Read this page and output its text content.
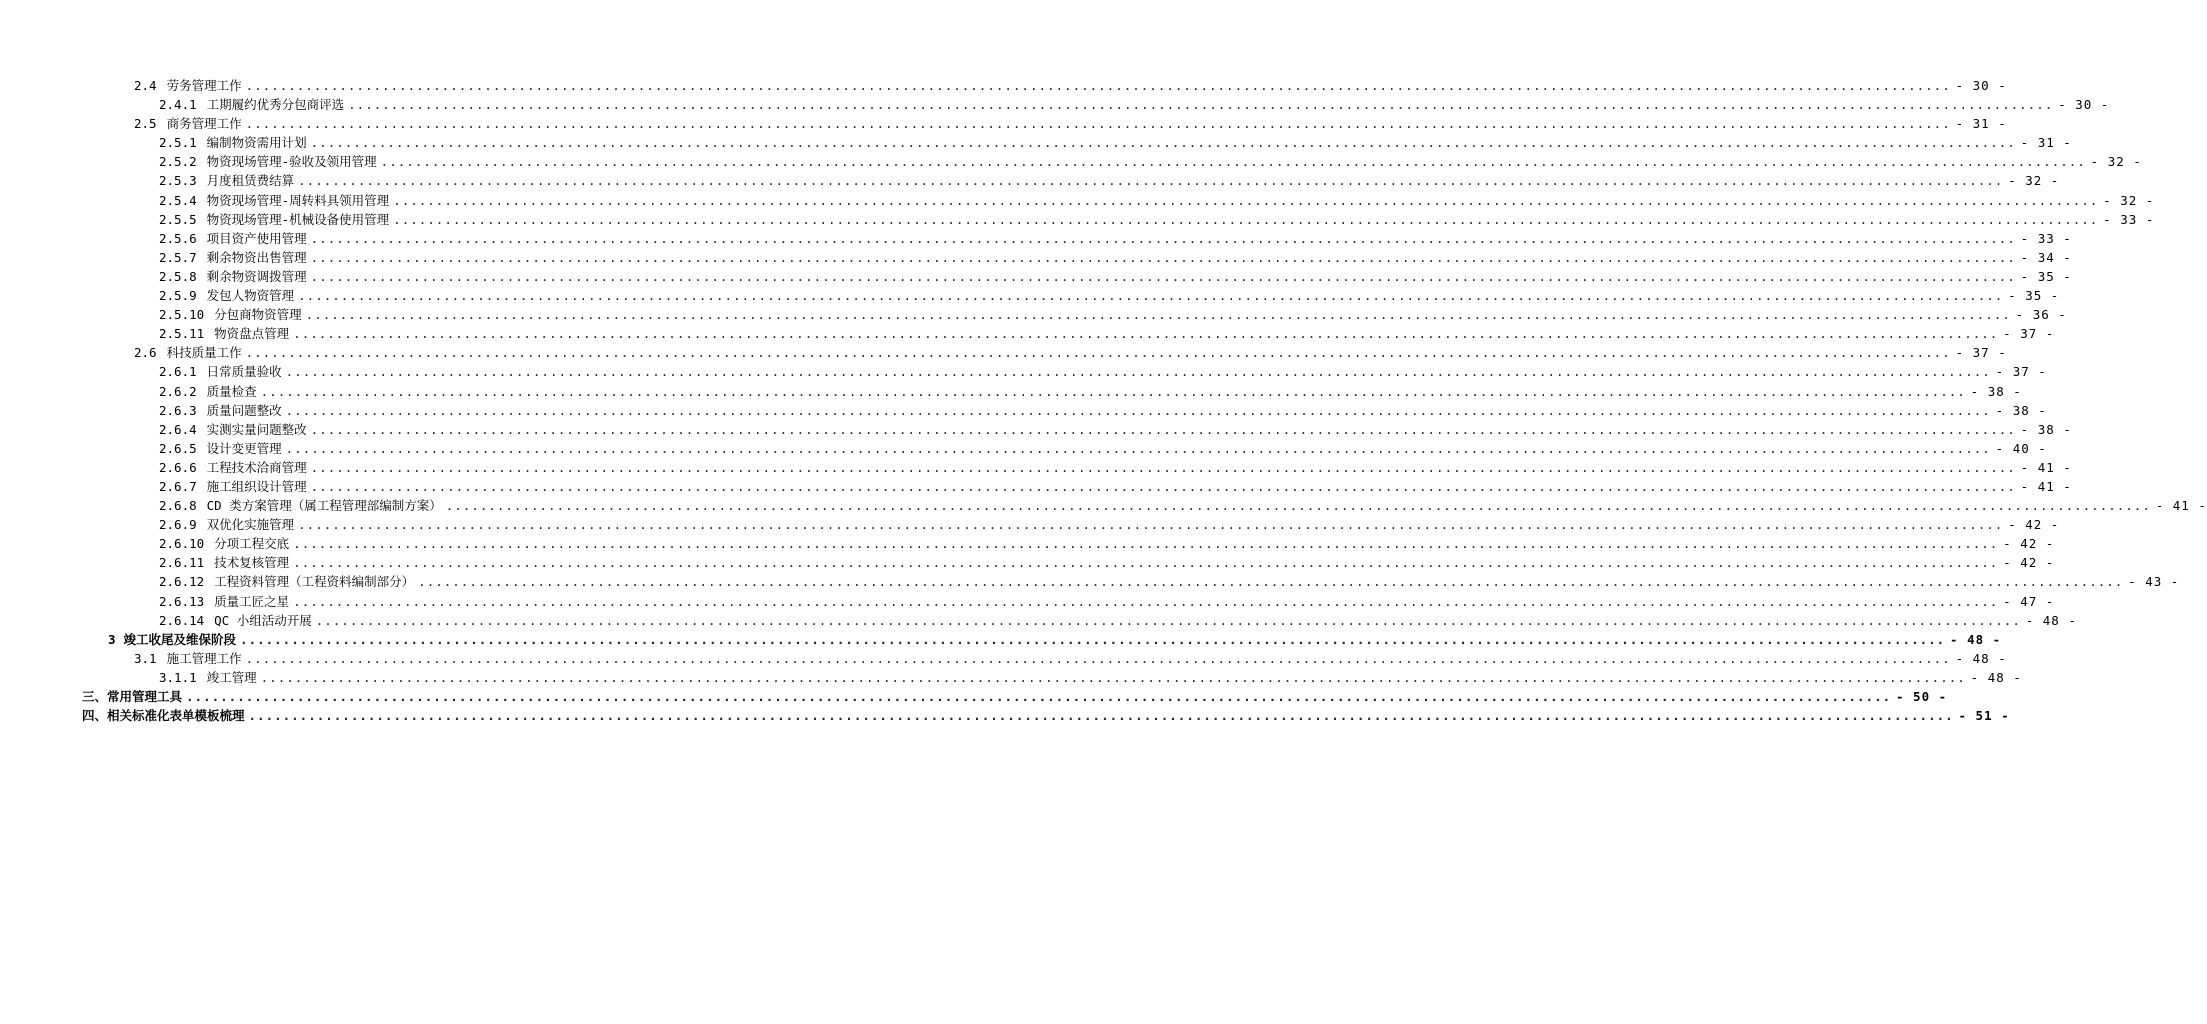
2.4 劳务管理工作 ........................................................................................................................................................................................................ - 30 -
2.4.1 工期履约优秀分包商评选 ........................................................................................................................................................................................................ - 30 -
2.5 商务管理工作 ........................................................................................................................................................................................................ - 31 -
2.5.1 编制物资需用计划 ........................................................................................................................................................................................................ - 31 -
2.5.2 物资现场管理-验收及领用管理 ........................................................................................................................................................................................................ - 32 -
2.5.3 月度租赁费结算 ........................................................................................................................................................................................................ - 32 -
2.5.4 物资现场管理-周转料具领用管理 ........................................................................................................................................................................................................ - 32 -
2.5.5 物资现场管理-机械设备使用管理 ........................................................................................................................................................................................................ - 33 -
2.5.6 项目资产使用管理 ........................................................................................................................................................................................................ - 33 -
2.5.7 剩余物资出售管理 ........................................................................................................................................................................................................ - 34 -
2.5.8 剩余物资调拨管理 ........................................................................................................................................................................................................ - 35 -
2.5.9 发包人物资管理 ........................................................................................................................................................................................................ - 35 -
2.5.10 分包商物资管理 ........................................................................................................................................................................................................ - 36 -
2.5.11 物资盘点管理 ........................................................................................................................................................................................................ - 37 -
2.6 科技质量工作 ........................................................................................................................................................................................................ - 37 -
2.6.1 日常质量验收 ........................................................................................................................................................................................................ - 37 -
2.6.2 质量检查 ........................................................................................................................................................................................................ - 38 -
2.6.3 质量问题整改 ........................................................................................................................................................................................................ - 38 -
2.6.4 实测实量问题整改 ........................................................................................................................................................................................................ - 38 -
2.6.5 设计变更管理 ........................................................................................................................................................................................................ - 40 -
2.6.6 工程技术洽商管理 ........................................................................................................................................................................................................ - 41 -
2.6.7 施工组织设计管理 ........................................................................................................................................................................................................ - 41 -
2.6.8 CD 类方案管理（属工程管理部编制方案） ........................................................................................................................................................................................................ - 41 -
2.6.9 双优化实施管理 ........................................................................................................................................................................................................ - 42 -
2.6.10 分项工程交底 ........................................................................................................................................................................................................ - 42 -
2.6.11 技术复核管理 ........................................................................................................................................................................................................ - 42 -
2.6.12 工程资料管理（工程资料编制部分） ........................................................................................................................................................................................................ - 43 -
2.6.13 质量工匠之星 ........................................................................................................................................................................................................ - 47 -
2.6.14 QC 小组活动开展 ........................................................................................................................................................................................................ - 48 -
3 竣工收尾及维保阶段 ........................................................................................................................................................................................................ - 48 -
3.1 施工管理工作 ........................................................................................................................................................................................................ - 48 -
3.1.1 竣工管理 ........................................................................................................................................................................................................ - 48 -
三、常用管理工具 ........................................................................................................................................................................................................ - 50 -
四、相关标准化表单模板梳理 ........................................................................................................................................................................................................ - 51 -
